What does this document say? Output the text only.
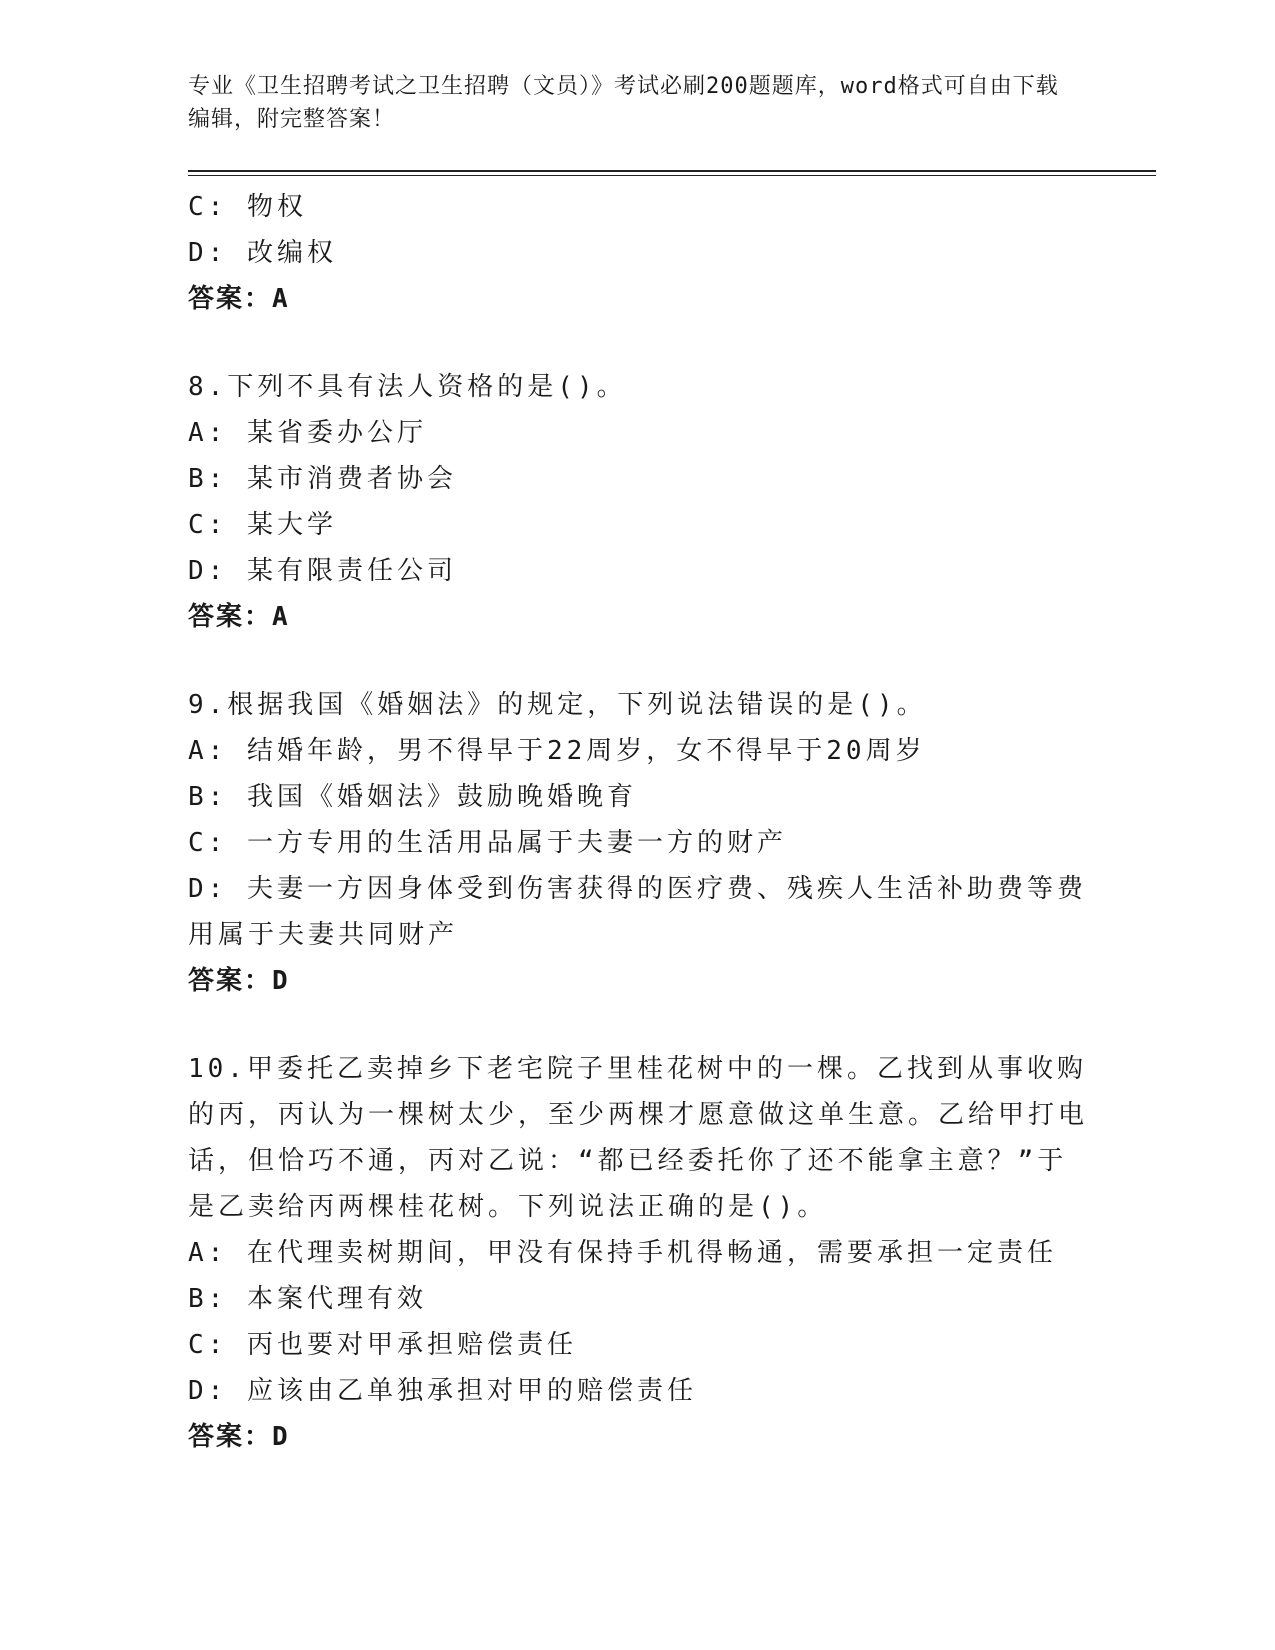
专业《卫生招聘考试之卫生招聘（文员）》考试必刷200题题库，word格式可自由下载编辑，附完整答案！

C: 物权
D: 改编权
答案：A
8.下列不具有法人资格的是()。
A: 某省委办公厅
B: 某市消费者协会
C: 某大学
D: 某有限责任公司
答案：A
9.根据我国《婚姻法》的规定，下列说法错误的是()。
A: 结婚年龄，男不得早于22周岁，女不得早于20周岁
B: 我国《婚姻法》鼓励晚婚晚育
C: 一方专用的生活用品属于夫妻一方的财产
D: 夫妻一方因身体受到伤害获得的医疗费、残疾人生活补助费等费用属于夫妻共同财产
答案：D
10.甲委托乙卖掉乡下老宅院子里桂花树中的一棵。乙找到从事收购的丙，丙认为一棵树太少，至少两棵才愿意做这单生意。乙给甲打电话，但恰巧不通，丙对乙说：“都已经委托你了还不能拿主意？”于是乙卖给丙两棵桂花树。下列说法正确的是()。
A: 在代理卖树期间，甲没有保持手机得畅通，需要承担一定责任
B: 本案代理有效
C: 丙也要对甲承担赔偿责任
D: 应该由乙单独承担对甲的赔偿责任
答案：D
